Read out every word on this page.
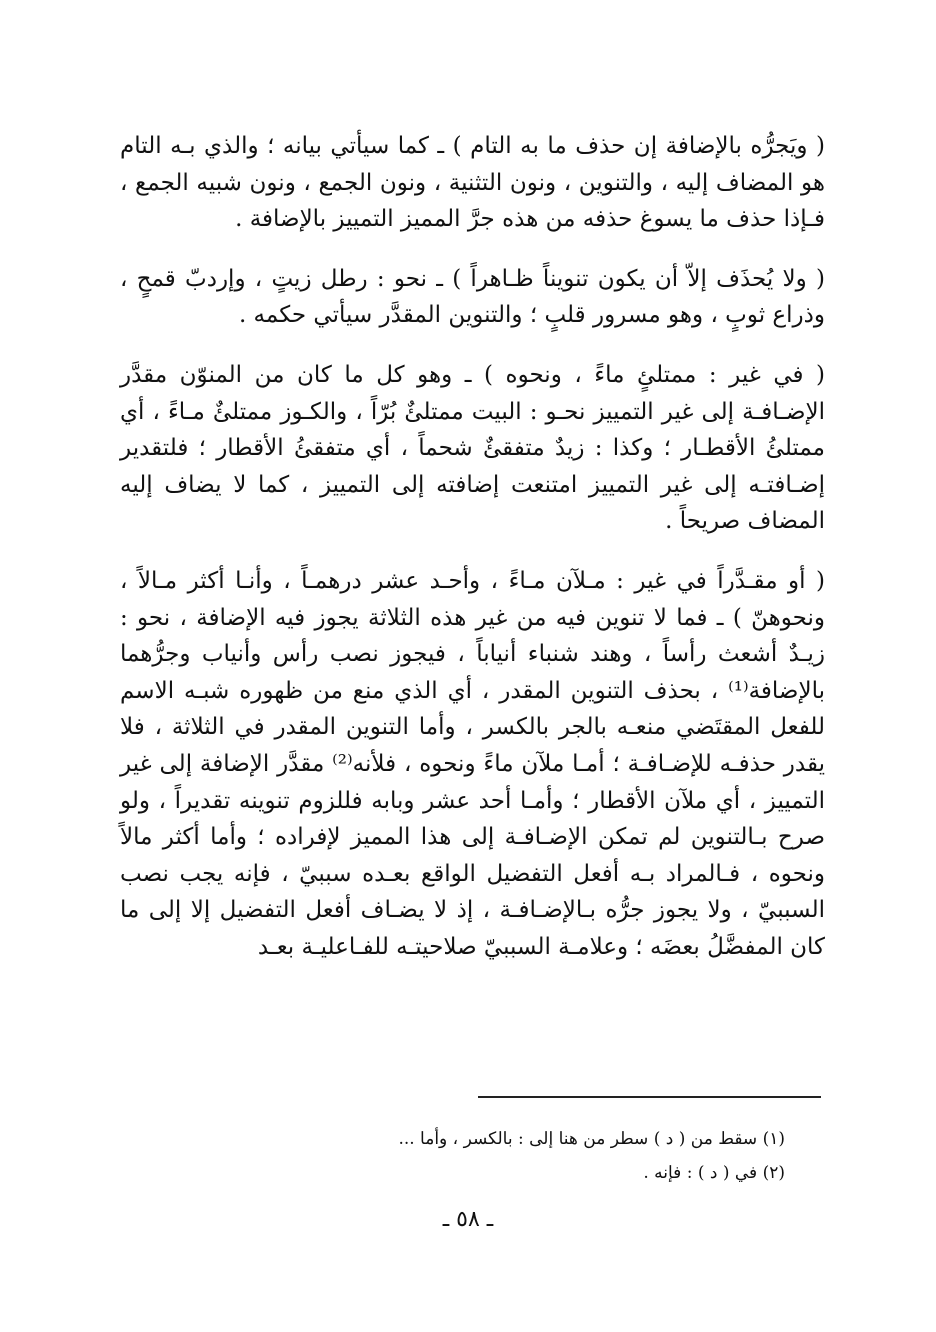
( ويَجرُّه بالإضافة إن حذف ما به التام ) ـ كما سيأتي بيانه ؛ والذي بـه التام هو المضاف إليه ، والتنوين ، ونون التثنية ، ونون الجمع ، ونون شبيه الجمع ، فـإذا حذف ما يسوغ حذفه من هذه جرَّ المميز التمييز بالإضافة .

( ولا يُحذَف إلاّ أن يكون تنويناً ظـاهراً ) ـ نحو : رطل زيتٍ ، وإردبّ قمحٍ ، وذراع ثوبٍ ، وهو مسرور قلبٍ ؛ والتنوين المقدَّر سيأتي حكمه .

( في غير : ممتلئٍ ماءً ، ونحوه ) ـ وهو كل ما كان من المنوّن مقدَّر الإضـافـة إلى غير التمييز نحـو : البيت ممتلئٌ بُرّاً ، والكـوز ممتلئٌ مـاءً ، أي ممتلئُ الأقطـار ؛ وكذا : زيدٌ متفقئٌ شحماً ، أي متفقئُ الأقطار ؛ فلتقدير إضـافتـه إلى غير التمييز امتنعت إضافته إلى التمييز ، كما لا يضاف إليه المضاف صريحاً .

( أو مقـدَّراً في غير : مـلآن مـاءً ، وأحـد عشر درهمـاً ، وأنـا أكثر مـالاً ، ونحوهنّ ) ـ فما لا تنوين فيه من غير هذه الثلاثة يجوز فيه الإضافة ، نحو : زيـدٌ أشعث رأساً ، وهند شنباء أنياباً ، فيجوز نصب رأس وأنياب وجرُّهما بالإضافة⁽¹⁾ ، بحذف التنوين المقدر ، أي الذي منع من ظهوره شبـه الاسم للفعل المقتَضي منعـه بالجر بالكسر ، وأما التنوين المقدر في الثلاثة ، فلا يقدر حذفـه للإضـافـة ؛ أمـا ملآن ماءً ونحوه ، فلأنه⁽²⁾ مقدَّر الإضافة إلى غير التمييز ، أي ملآن الأقطار ؛ وأمـا أحد عشر وبابه فللزوم تنوينه تقديراً ، ولو صرح بـالتنوين لم تمكن الإضـافـة إلى هذا المميز لإفراده ؛ وأما أكثر مالاً ونحوه ، فـالمراد بـه أفعل التفضيل الواقع بعـده سببيّ ، فإنه يجب نصب السببيّ ، ولا يجوز جرُّه بـالإضـافـة ، إذ لا يضـاف أفعل التفضيل إلا إلى ما كان المفضَّلُ بعضَه ؛ وعلامـة السببيّ صلاحيتـه للفـاعليـة بعـد

(١) سقط من ( د ) سطر من هنا إلى : بالكسر ، وأما ...

(٢) في ( د ) : فإنه .

ـ ٥٨ ـ
